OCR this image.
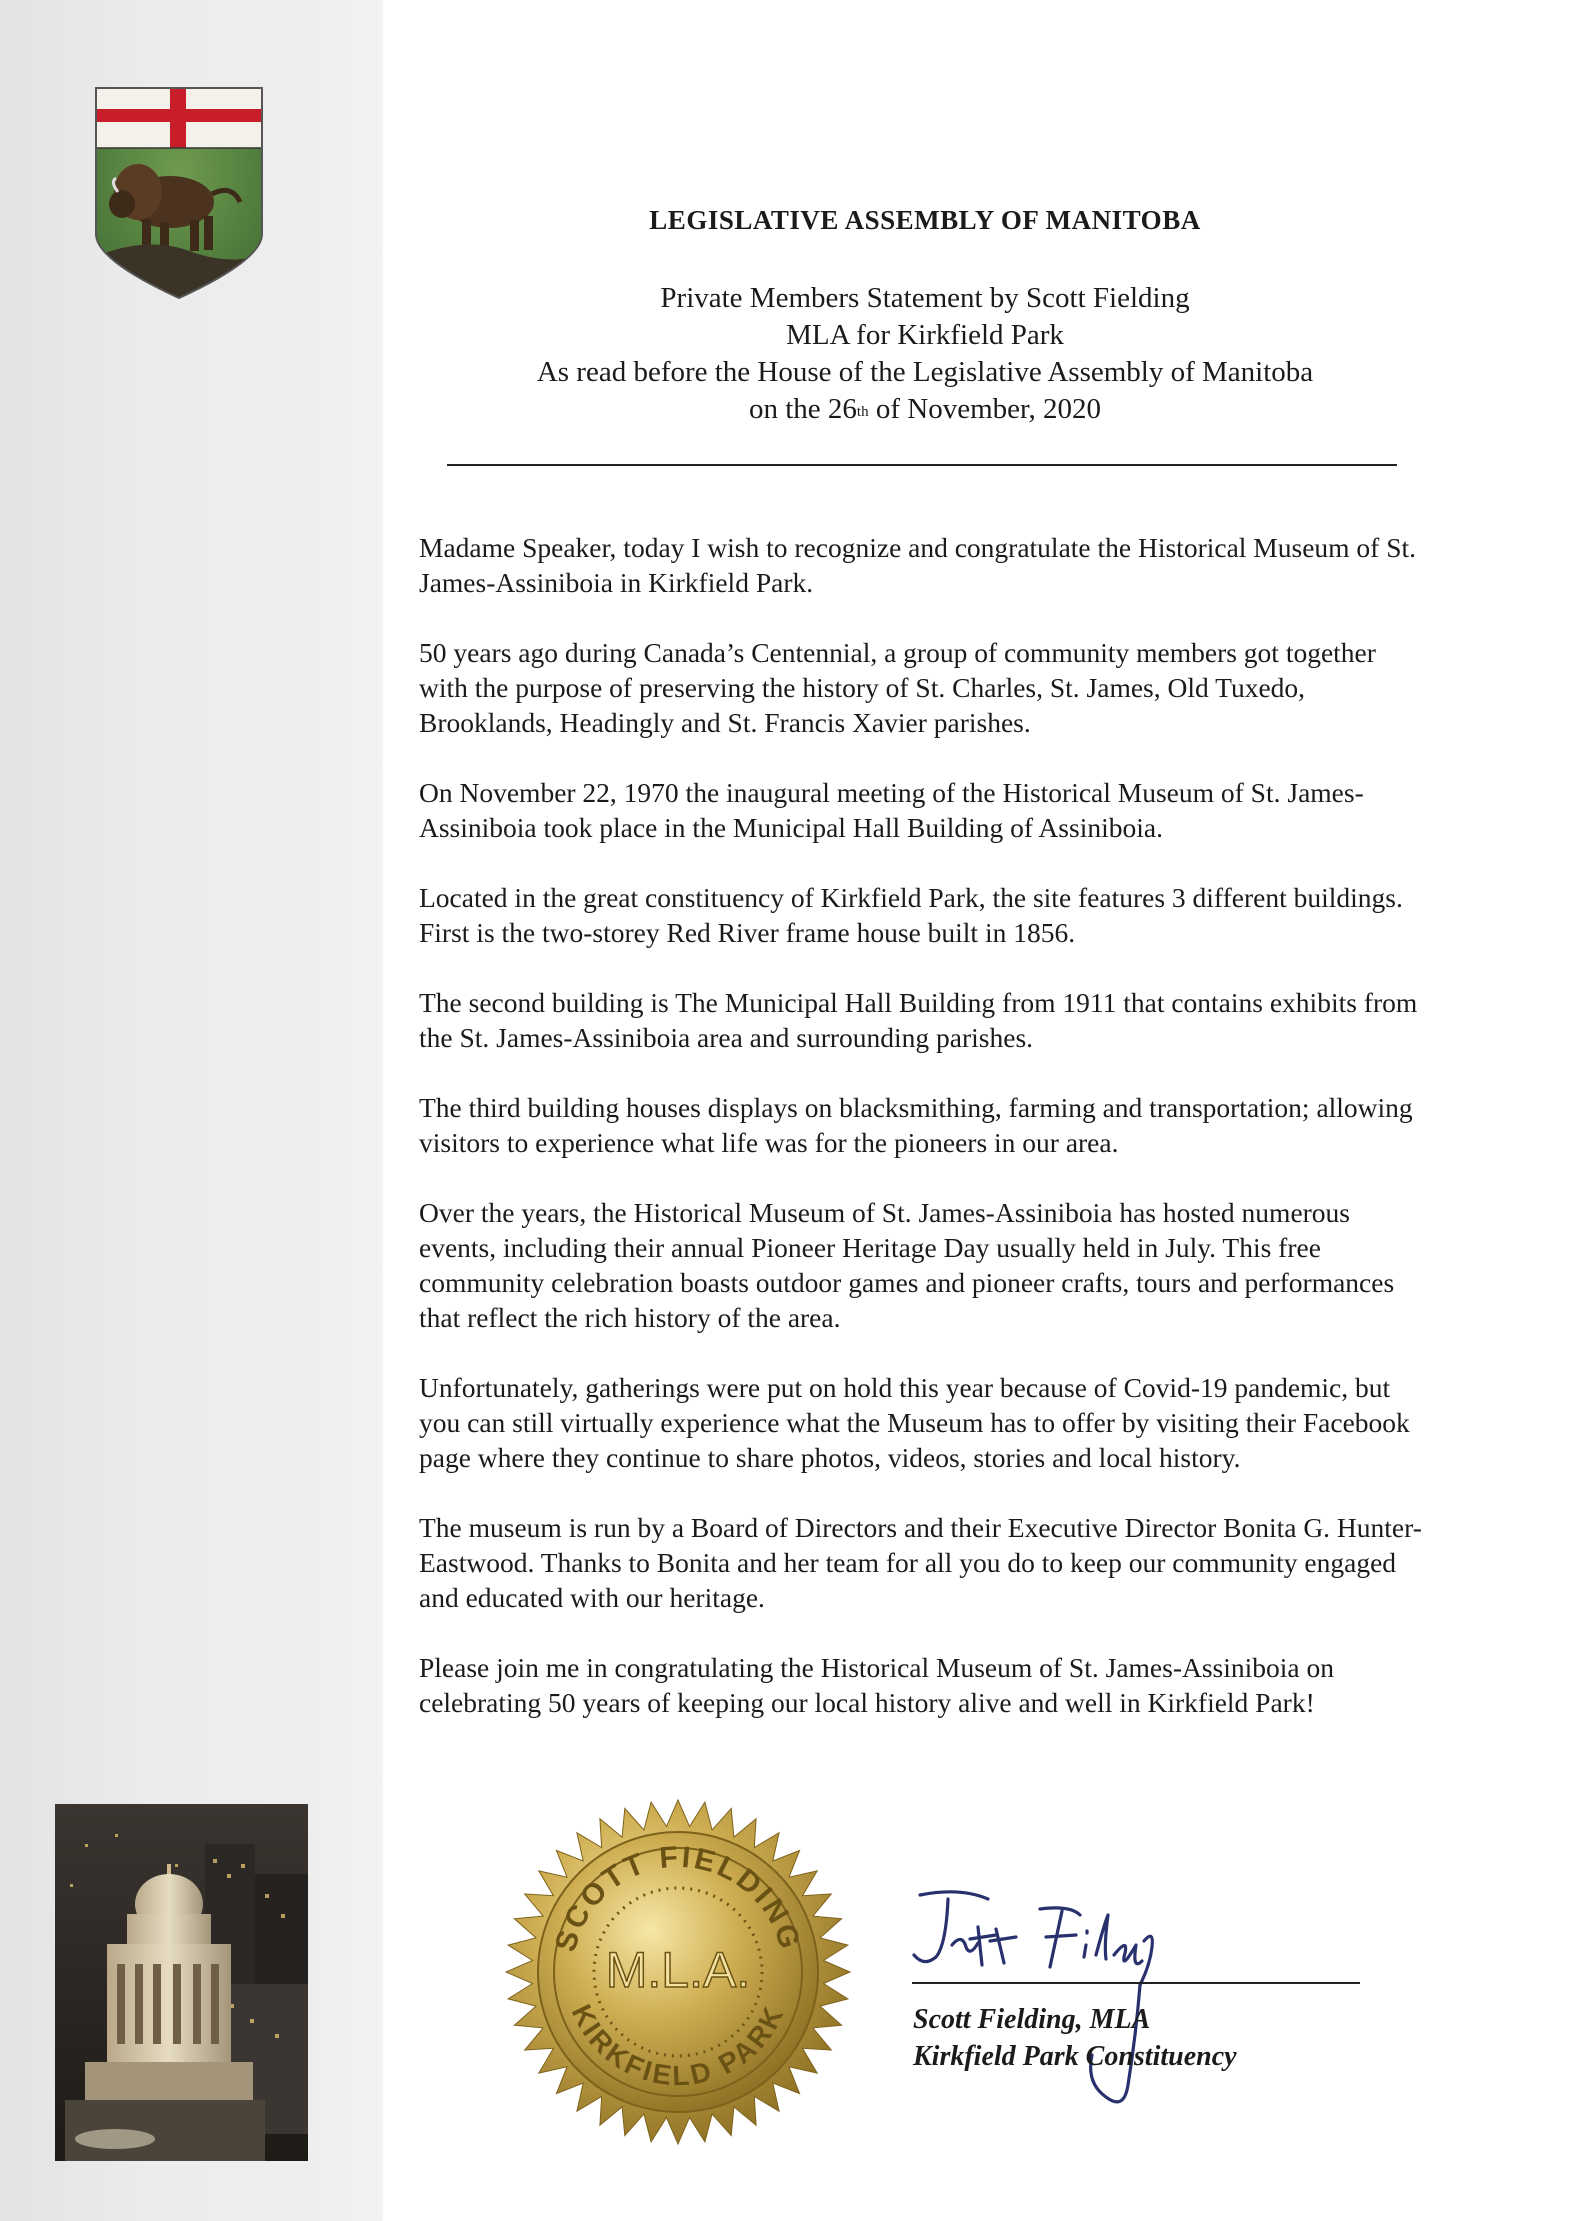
LEGISLATIVE ASSEMBLY OF MANITOBA
Private Members Statement by Scott Fielding
MLA for Kirkfield Park
As read before the House of the Legislative Assembly of Manitoba
on the 26th of November, 2020

Madame Speaker, today I wish to recognize and congratulate the Historical Museum of St. James-Assiniboia in Kirkfield Park.

50 years ago during Canada’s Centennial, a group of community members got together with the purpose of preserving the history of St. Charles, St. James, Old Tuxedo, Brooklands, Headingly and St. Francis Xavier parishes.

On November 22, 1970 the inaugural meeting of the Historical Museum of St. James-Assiniboia took place in the Municipal Hall Building of Assiniboia.

Located in the great constituency of Kirkfield Park, the site features 3 different buildings. First is the two-storey Red River frame house built in 1856.

The second building is The Municipal Hall Building from 1911 that contains exhibits from the St. James-Assiniboia area and surrounding parishes.

The third building houses displays on blacksmithing, farming and transportation; allowing visitors to experience what life was for the pioneers in our area.

Over the years, the Historical Museum of St. James-Assiniboia has hosted numerous events, including their annual Pioneer Heritage Day usually held in July. This free community celebration boasts outdoor games and pioneer crafts, tours and performances that reflect the rich history of the area.

Unfortunately, gatherings were put on hold this year because of Covid-19 pandemic, but you can still virtually experience what the Museum has to offer by visiting their Facebook page where they continue to share photos, videos, stories and local history.

The museum is run by a Board of Directors and their Executive Director Bonita G. Hunter-Eastwood. Thanks to Bonita and her team for all you do to keep our community engaged and educated with our heritage.

Please join me in congratulating the Historical Museum of St. James-Assiniboia on celebrating 50 years of keeping our local history alive and well in Kirkfield Park!

SCOTT FIELDING
KIRKFIELD PARK
M.L.A.
Scott Fielding, MLA
Kirkfield Park Constituency
